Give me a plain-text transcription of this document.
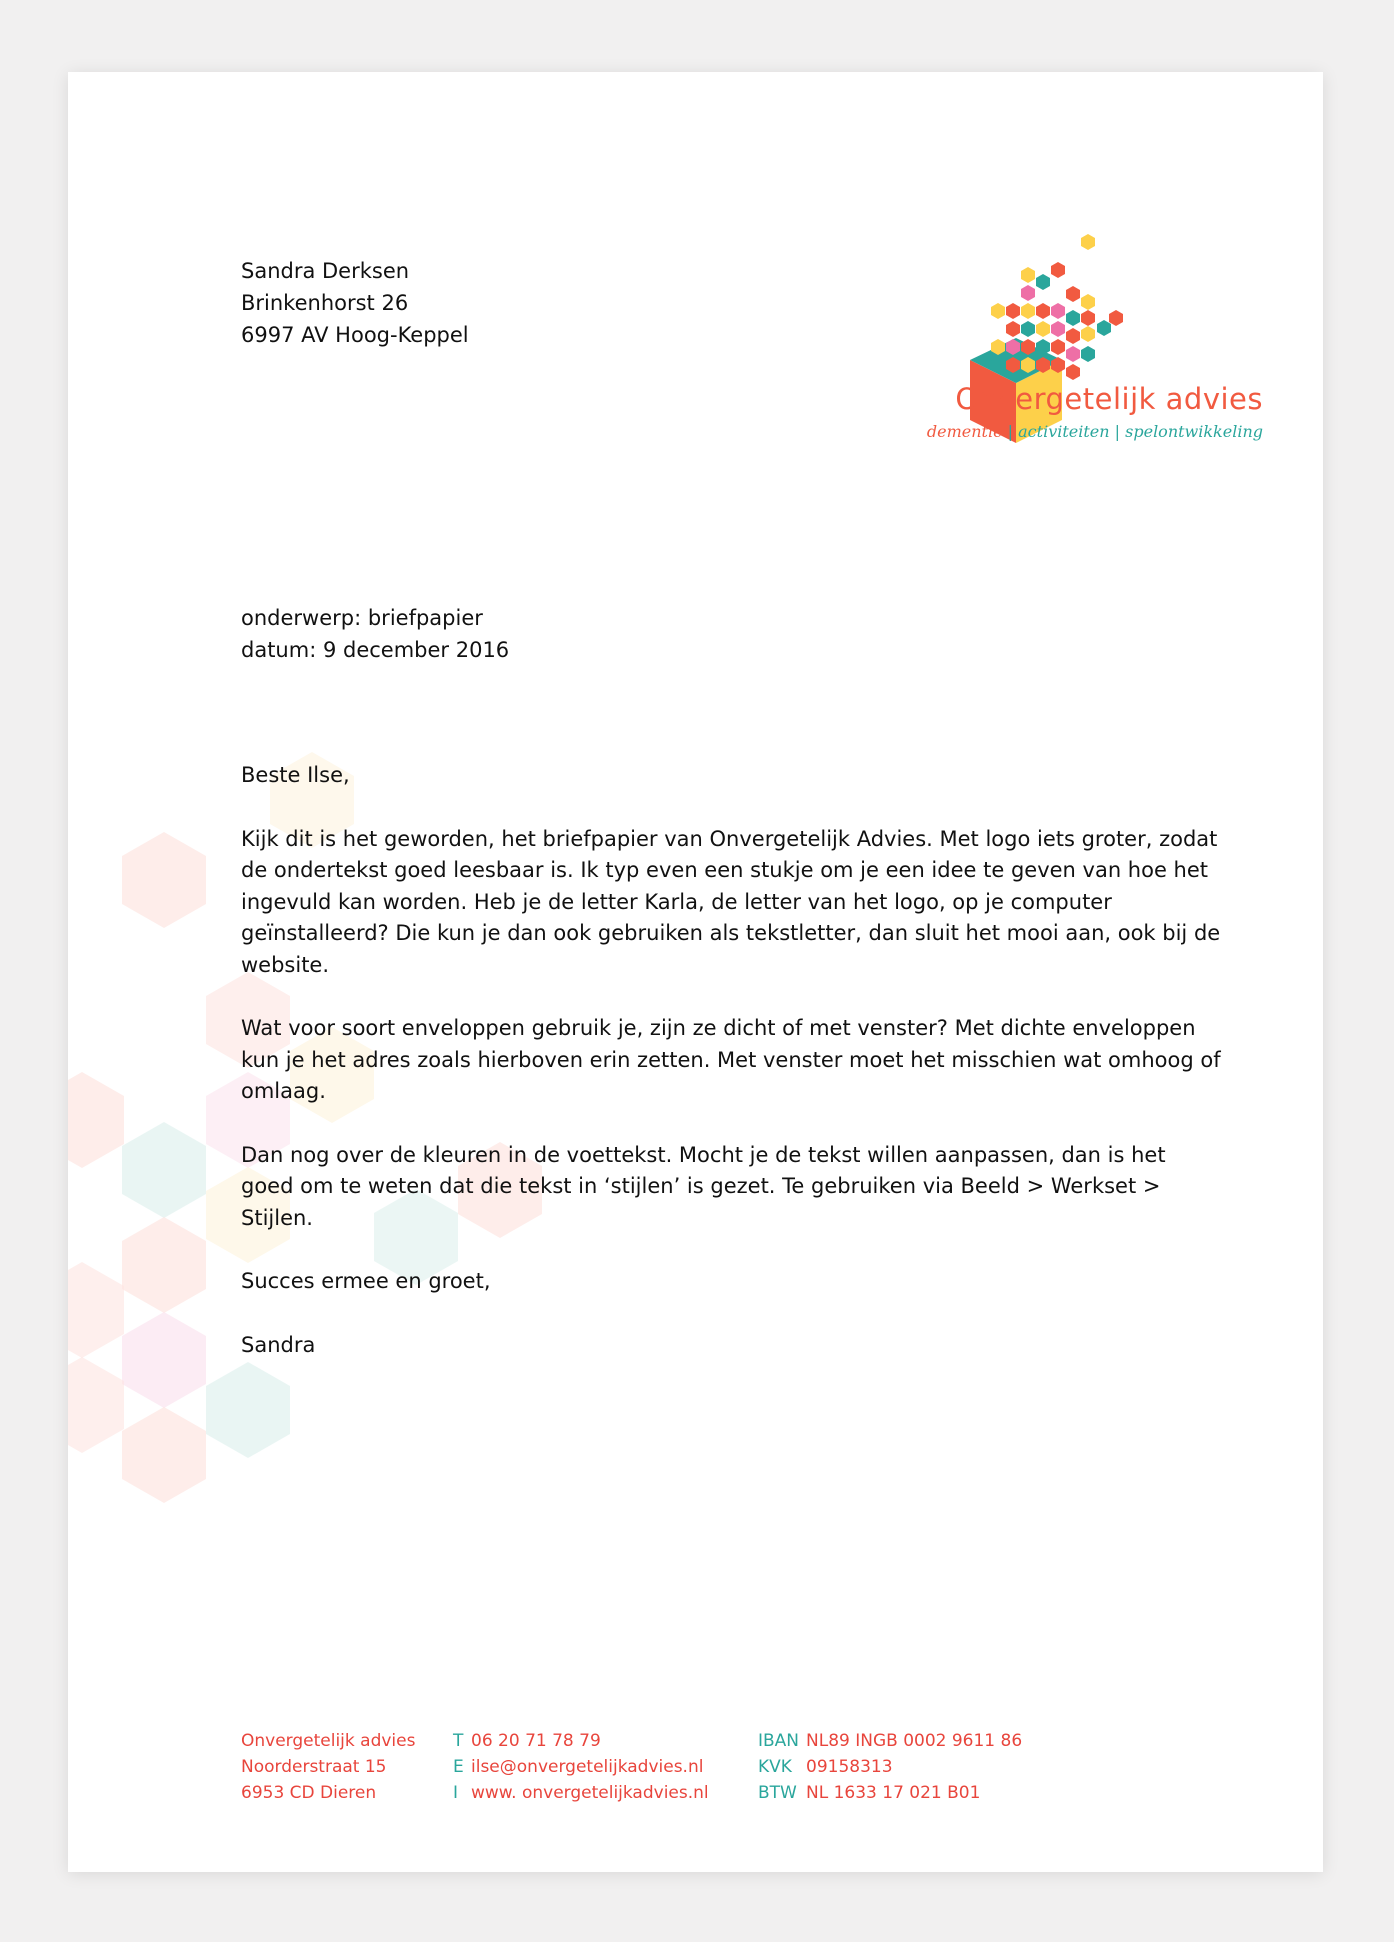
Sandra Derksen
Brinkenhorst 26
6997 AV Hoog-Keppel
Onvergetelijk advies
dementie | activiteiten | spelontwikkeling
onderwerp: briefpapier
datum: 9 december 2016

Beste Ilse,

Kijk dit is het geworden, het briefpapier van Onvergetelijk Advies. Met logo iets groter, zodat de ondertekst goed leesbaar is. Ik typ even een stukje om je een idee te geven van hoe het ingevuld kan worden. Heb je de letter Karla, de letter van het logo, op je computer geïnstalleerd? Die kun je dan ook gebruiken als tekstletter, dan sluit het mooi aan, ook bij de website.

Wat voor soort enveloppen gebruik je, zijn ze dicht of met venster? Met dichte enveloppen kun je het adres zoals hierboven erin zetten. Met venster moet het misschien wat omhoog of omlaag.

Dan nog over de kleuren in de voettekst. Mocht je de tekst willen aanpassen, dan is het goed om te weten dat die tekst in ‘stijlen’ is gezet. Te gebruiken via Beeld > Werkset > Stijlen.

Succes ermee en groet,

Sandra

Onvergetelijk advies
Noorderstraat 15
6953 CD Dieren
T 06 20 71 78 79
E ilse@onvergetelijkadvies.nl
I www. onvergetelijkadvies.nl
IBAN NL89 INGB 0002 9611 86
KVK 09158313
BTW NL 1633 17 021 B01
